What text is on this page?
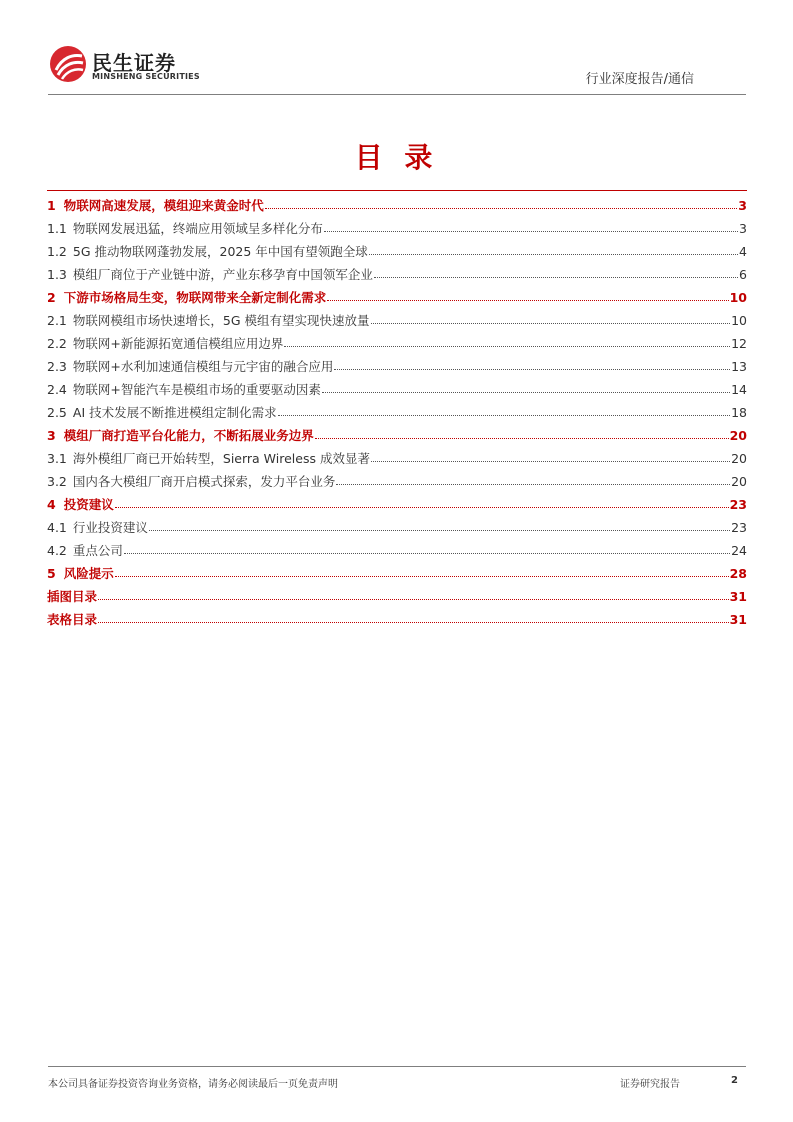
民生证券
MINSHENG SECURITIES	行业深度报告/通信
目 录
1 物联网高速发展，模组迎来黄金时代	3
1.1 物联网发展迅猛，终端应用领域呈多样化分布	3
1.2 5G 推动物联网蓬勃发展，2025 年中国有望领跑全球	4
1.3 模组厂商位于产业链中游，产业东移孕育中国领军企业	6
2 下游市场格局生变，物联网带来全新定制化需求	10
2.1 物联网模组市场快速增长，5G 模组有望实现快速放量	10
2.2 物联网+新能源拓宽通信模组应用边界	12
2.3 物联网+水利加速通信模组与元宇宙的融合应用	13
2.4 物联网+智能汽车是模组市场的重要驱动因素	14
2.5 AI 技术发展不断推进模组定制化需求	18
3 模组厂商打造平台化能力，不断拓展业务边界	20
3.1 海外模组厂商已开始转型，Sierra Wireless 成效显著	20
3.2 国内各大模组厂商开启模式探索，发力平台业务	20
4 投资建议	23
4.1 行业投资建议	23
4.2 重点公司	24
5 风险提示	28
插图目录	31
表格目录	31
本公司具备证券投资咨询业务资格，请务必阅读最后一页免责声明	证券研究报告	2
